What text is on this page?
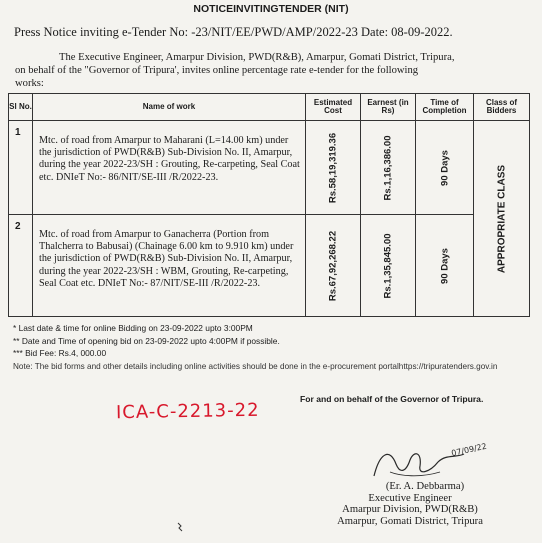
NOTICEINVITINGTENDER (NIT)
Press Notice inviting e-Tender No: -23/NIT/EE/PWD/AMP/2022-23 Date: 08-09-2022.
The Executive Engineer, Amarpur Division, PWD(R&B), Amarpur, Gomati District, Tripura,
on behalf of the "Governor of Tripura', invites online percentage rate e-tender for the following
works:
Sl No.	Name of work	Estimated Cost	Earnest (in Rs)	Time of Completion	Class of Bidders
1	Mtc. of road from Amarpur to Maharani (L=14.00 km) under the jurisdiction of PWD(R&B) Sub-Division No. II, Amarpur, during the year 2022-23/SH : Grouting, Re-carpeting, Seal Coat etc. DNIeT No:- 86/NIT/SE-III /R/2022-23.	Rs.58,19,319.36	Rs.1,16,386.00	90 Days	APPROPRIATE CLASS

2	Mtc. of road from Amarpur to Ganacherra (Portion from Thalcherra to Babusai) (Chainage 6.00 km to 9.910 km) under the jurisdiction of PWD(R&B) Sub-Division No. II, Amarpur, during the year 2022-23/SH : WBM, Grouting, Re-carpeting, Seal Coat etc. DNIeT No:- 87/NIT/SE-III /R/2022-23.	Rs.67,92,268.22	Rs.1,35,845.00	90 Days	
* Last date & time for online Bidding on 23-09-2022 upto 3:00PM
** Date and Time of opening bid on 23-09-2022 upto 4:00PM if possible.
*** Bid Fee: Rs.4, 000.00
Note: The bid forms and other details including online activities should be done in the e-procurement portalhttps://tripuratenders.gov.in
ICA-C-2213-22
For and on behalf of the Governor of Tripura.
07/09/22
(Er. A. Debbarma)
Executive Engineer
Amarpur Division, PWD(R&B)
Amarpur, Gomati District, Tripura
